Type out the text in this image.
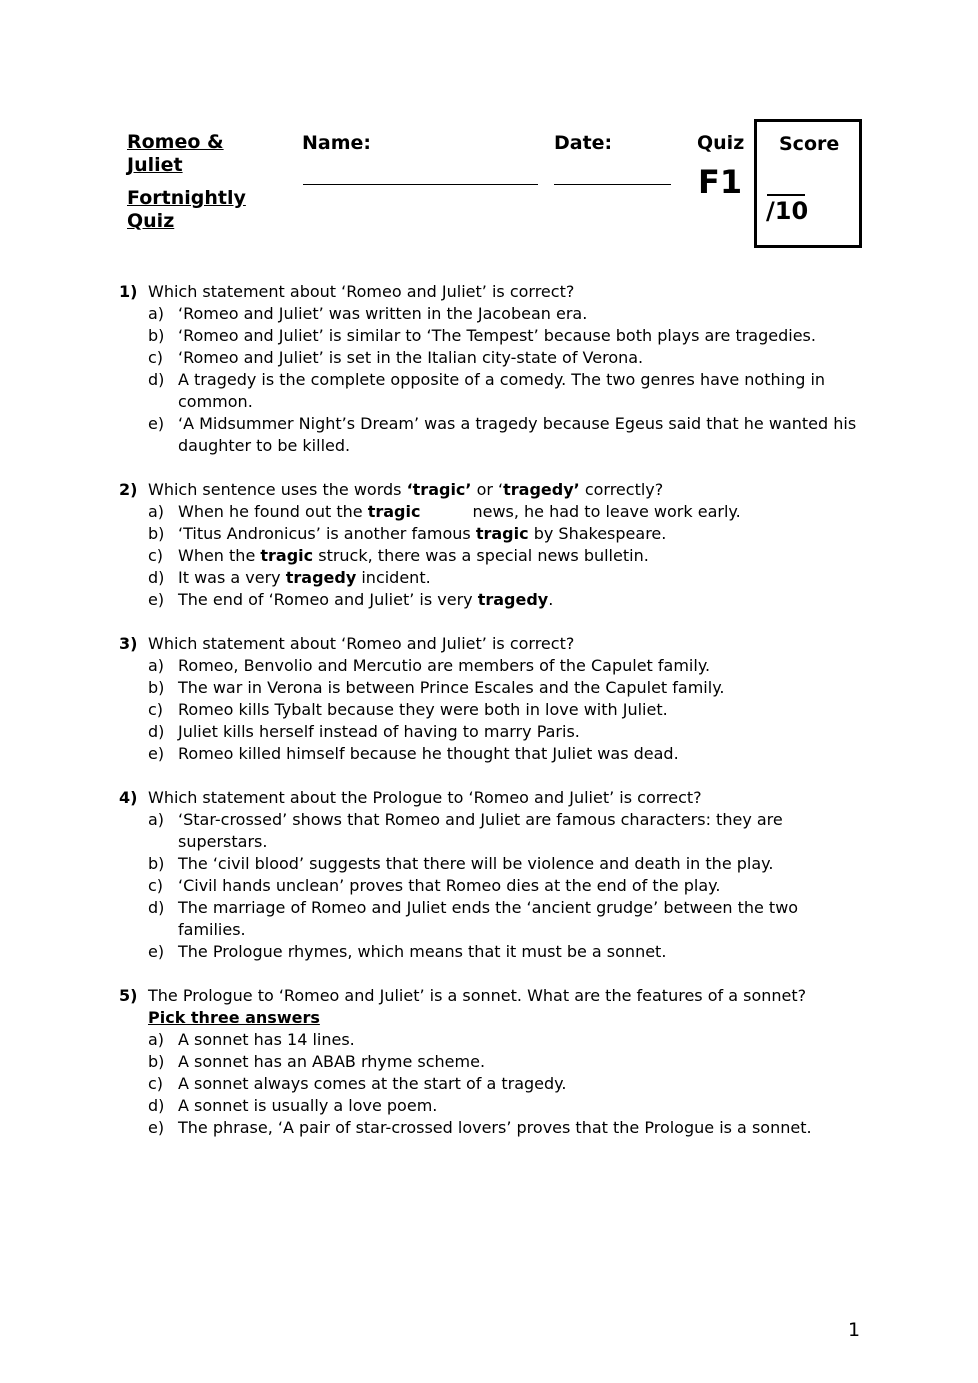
Romeo &
Juliet
Fortnightly
Quiz
Name:	Date:	Quiz
F1
Score
/10
1) Which statement about ‘Romeo and Juliet’ is correct?
a) ‘Romeo and Juliet’ was written in the Jacobean era.
b) ‘Romeo and Juliet’ is similar to ‘The Tempest’ because both plays are tragedies.
c) ‘Romeo and Juliet’ is set in the Italian city-state of Verona.
d) A tragedy is the complete opposite of a comedy. The two genres have nothing in common.
e) ‘A Midsummer Night’s Dream’ was a tragedy because Egeus said that he wanted his daughter to be killed.
2) Which sentence uses the words ‘tragic’ or ‘tragedy’ correctly?
a) When he found out the tragic	news, he had to leave work early.
b) ‘Titus Andronicus’ is another famous tragic by Shakespeare.
c) When the tragic struck, there was a special news bulletin.
d) It was a very tragedy incident.
e) The end of ‘Romeo and Juliet’ is very tragedy.
3) Which statement about ‘Romeo and Juliet’ is correct?
a) Romeo, Benvolio and Mercutio are members of the Capulet family.
b) The war in Verona is between Prince Escales and the Capulet family.
c) Romeo kills Tybalt because they were both in love with Juliet.
d) Juliet kills herself instead of having to marry Paris.
e) Romeo killed himself because he thought that Juliet was dead.
4) Which statement about the Prologue to ‘Romeo and Juliet’ is correct?
a) ‘Star-crossed’ shows that Romeo and Juliet are famous characters: they are superstars.
b) The ‘civil blood’ suggests that there will be violence and death in the play.
c) ‘Civil hands unclean’ proves that Romeo dies at the end of the play.
d) The marriage of Romeo and Juliet ends the ‘ancient grudge’ between the two families.
e) The Prologue rhymes, which means that it must be a sonnet.
5) The Prologue to ‘Romeo and Juliet’ is a sonnet. What are the features of a sonnet?
Pick three answers
a) A sonnet has 14 lines.
b) A sonnet has an ABAB rhyme scheme.
c) A sonnet always comes at the start of a tragedy.
d) A sonnet is usually a love poem.
e) The phrase, ‘A pair of star-crossed lovers’ proves that the Prologue is a sonnet.
1
